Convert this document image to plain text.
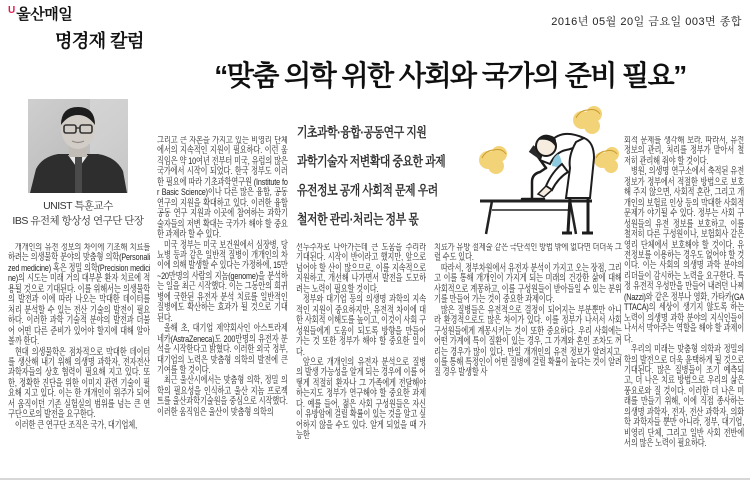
$^U$울산매일	2016년 05월 20일 금요일 003면 종합
명경재 칼럼
“맞춤 의학 위한 사회와 국가의 준비 필요”
UNIST 특훈교수
IBS 유전체 항상성 연구단 단장
기초과학·융합·공동연구 지원
과학기술자 저변확대 중요한 과제
유전정보 공개 사회적 문제 우려
철저한 관리·처리는 정부 몫

개개인의 유전 정보의 차이에 기초해 치료를 하려는 의생물학 분야의 맞춤형 의학(Personalized medicine) 혹은 정밀 의학(Precision medicine)의 시도는 미래 거의 대부분 환자 치료에 적용될 것으로 기대된다. 이를 위해서는 의생물학의 발전과 이에 따라 나오는 막대한 데이터를 처리 분석할 수 있는 전산 기술의 발전이 필요하다. 이러한 과학 기술적 분야의 발전과 더불어 어떤 다른 준비가 있어야 할지에 대해 알아볼까 한다.

현대 의생물학은 점차적으로 막대한 데이터를 생산해 내기 위해 의생명 과학자, 전자전산 과학자들의 상호 협력이 필요해 지고 있다. 또한, 정확한 진단을 위한 이미지 관련 기술이 필요해 지고 있다. 이는 한 개개인이 위주가 되어서 움직이던 기존 실험실의 범위를 넘는 큰 연구단으로의 발전을 요구한다.

이러한 큰 연구단 조직은 국가, 대기업체,

그리고 큰 자본을 가지고 있는 비영리 단체에서의 지속적인 지원이 필요하다. 이런 움직임은 약 10여년 전부터 미국, 유럽의 많은 국가에서 시작이 되었다. 한국 정부도 이러한 필요에 따라 기초과학연구원 (Institute for Basic Science)이나 다른 많은 융합, 공동 연구의 지원을 확대하고 있다. 이러한 융합 공동 연구 지원과 이곳에 참여하는 과학기술자들의 저변 확대는 국가가 해야 할 중요한 과제라 할 수 있다.

미국 정부는 미국 보건원에서 심장병, 당뇨병 등과 같은 일반적 질병이 개개인의 차이에 의해 발생할 수 있다는 가정하에, 15만~20만명의 사람의 지놈(genome)을 분석하는 일을 최근 시작했다. 이는 그동안의 희귀병에 국한된 유전자 분석 치료를 일반적인 질병에도 확산하는 효과가 될 것으로 기대된다.

올해 초, 대기업 제약회사인 아스트라제네카(AstraZeneca)도 200만명의 유전자 분석을 시작한다고 밝혔다. 이러한 외국 정부, 대기업의 노력은 맞춤형 의학의 발전에 큰 기여를 할 것이다.

최근 울산시에서는 맞춤형 의학, 정밀 의학의 필요성을 인식하고 울산 지놈 프로젝트를 울산과학기술원을 중심으로 시작했다. 이러한 움직임은 울산이 맞춤형 의학의

선두주자로 나아가는데 큰 도움을 주리라 기대된다. 시작이 반이라고 했지만, 앞으로 넘어야 할 산이 많으므로, 이를 지속적으로 지원하고, 개선해 나가면서 발전을 도모하려는 노력이 필요할 것이다.

정부와 대기업 등의 의생명 과학의 지속적인 지원이 중요하지만, 유전적 차이에 대한 사회적 이해도를 높이고, 이것이 사회 구성원들에게 도움이 되도록 방향을 만들어 가는 것 또한 정부가 해야 할 중요한 일이다.

앞으로 개개인의 유전자 분석으로 질병의 발생 가능성을 알게 되는 경우에 이를 어떻게 적절히 환자나 그 가족에게 전달해야 하는지도 정부가 연구해야 할 중요한 과제다. 예를 들어, 젊은 사회 구성원들은 자신이 유방암에 걸릴 확률이 있는 것을 알고 싶어하지 않을 수도 있다. 알게 되었을 때 가능한

치료가 유방 절제술 같은 극단적인 방법 밖에 없다면 더더욱 그럴 수도 있다.

따라서, 정부차원에서 유전자 분석이 가지고 오는 장점, 그리고 이를 통해 개개인이 가지게 되는 미래의 건강한 삶에 대해 사회적으로 계몽하고, 이를 구성원들이 받아들일 수 있는 분위기를 만들어 가는 것이 중요한 과제이다.

많은 질병들은 유전적으로 결정이 되어지는 부분뿐만 아니라 환경적으로도 많은 차이가 있다. 이를 정부가 나서서 사회 구성원들에게 계몽시키는 것이 또한 중요하다. 우리 사회에는 어떤 가계에 특이 질환이 있는 경우, 그 가계와 혼인 조차도 꺼리는 경우가 많이 있다. 만일 개개인의 유전 정보가 알려지고, 이를 통해 특정인이 어떤 질병에 걸릴 확률이 높다는 것이 알려질 경우 발생할 사

회적 문제를 생각해 보라. 따라서, 유전 정보의 관리, 처리를 정부가 맡아서 철저히 관리해 줘야 할 것이다.

병원, 의생명 연구소에서 축적된 유전정보가 정부에서 적절한 방법으로 보호해 주지 않으면, 사회적 혼란, 그리고 개개인의 보험료 인상 등의 막대한 사회적 문제가 야기될 수 있다. 정부는 사회 구성원들의 유전 정보를 보호하고, 이를 철저히 다른 구성원이나, 보험회사 같은 영리 단체에서 보호해야 할 것이다. 유전정보를 이용하는 경우도 없어야 할 것이다. 이는 사회의 의생명 과학 분야의 리더들이 감시하는 노력을 요구한다. 특정 유전적 우성만을 만들어 내려던 나찌(Nazzi)와 같은 정부나 영화, 가타카(GATTACA)의 세상이 생기지 않도록 하는 노력이 의생명 과학 분야의 지식인들이 나서서 막아주는 역할을 해야 할 과제이다.

우리의 미래는 맞춤형 의학과 정밀의학의 발전으로 더욱 윤택하게 될 것으로 기대된다. 많은 질병들이 조기 예측되고, 더 나은 치료 방법으로 우리의 삶은 풍요로와 질 것이다. 이러한 더 나은 미래를 만들기 위해, 이에 직접 종사하는 의생명 과학자, 전자, 전산 과학자, 의화학 과학자들 뿐만 아니라, 정부, 대기업, 비영리 단체, 그리고 일반 사회 전반에서의 많은 노력이 필요하다.
